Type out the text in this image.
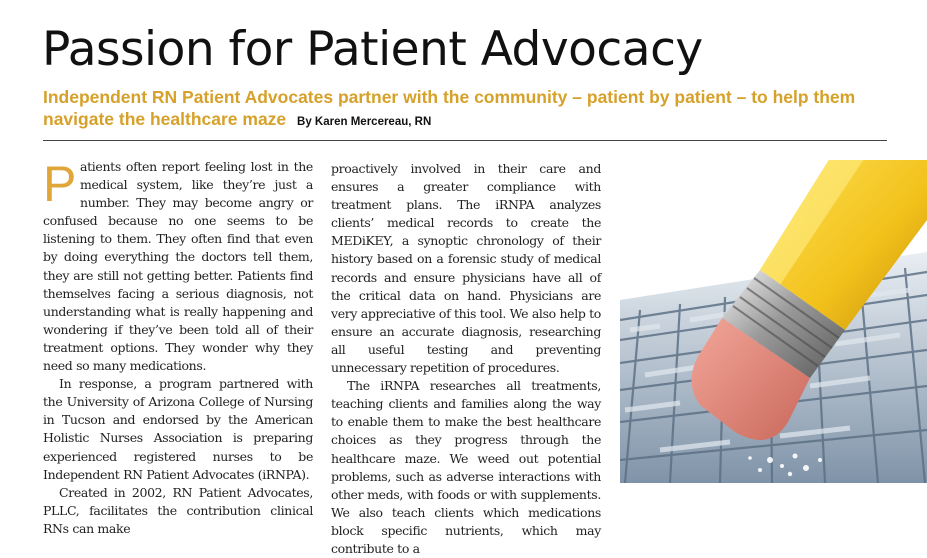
Passion for Patient Advocacy
Independent RN Patient Advocates partner with the community – patient by patient – to help them navigate the healthcare maze By Karen Mercereau, RN

Patients often report feeling lost in the medical system, like they’re just a number. They may become angry or confused because no one seems to be listening to them. They often find that even by doing everything the doctors tell them, they are still not getting better. Patients find themselves facing a serious diagnosis, not understanding what is really happening and wondering if they’ve been told all of their treatment options. They wonder why they need so many medications.

In response, a program partnered with the University of Arizona College of Nursing in Tucson and endorsed by the American Holistic Nurses Association is preparing experienced registered nurses to be Independent RN Patient Advocates (iRNPA).

Created in 2002, RN Patient Advocates, PLLC, facilitates the contribution clinical RNs can make

proactively involved in their care and ensures a greater compliance with treatment plans. The iRNPA analyzes clients’ medical records to create the MEDiKEY, a synoptic chronology of their history based on a forensic study of medical records and ensure physicians have all of the critical data on hand. Physicians are very appreciative of this tool. We also help to ensure an accurate diagnosis, researching all useful testing and preventing unnecessary repetition of procedures.

The iRNPA researches all treatments, teaching clients and families along the way to enable them to make the best healthcare choices as they progress through the healthcare maze. We weed out potential problems, such as adverse interactions with other meds, with foods or with supplements. We also teach clients which medications block specific nutrients, which may contribute to a
